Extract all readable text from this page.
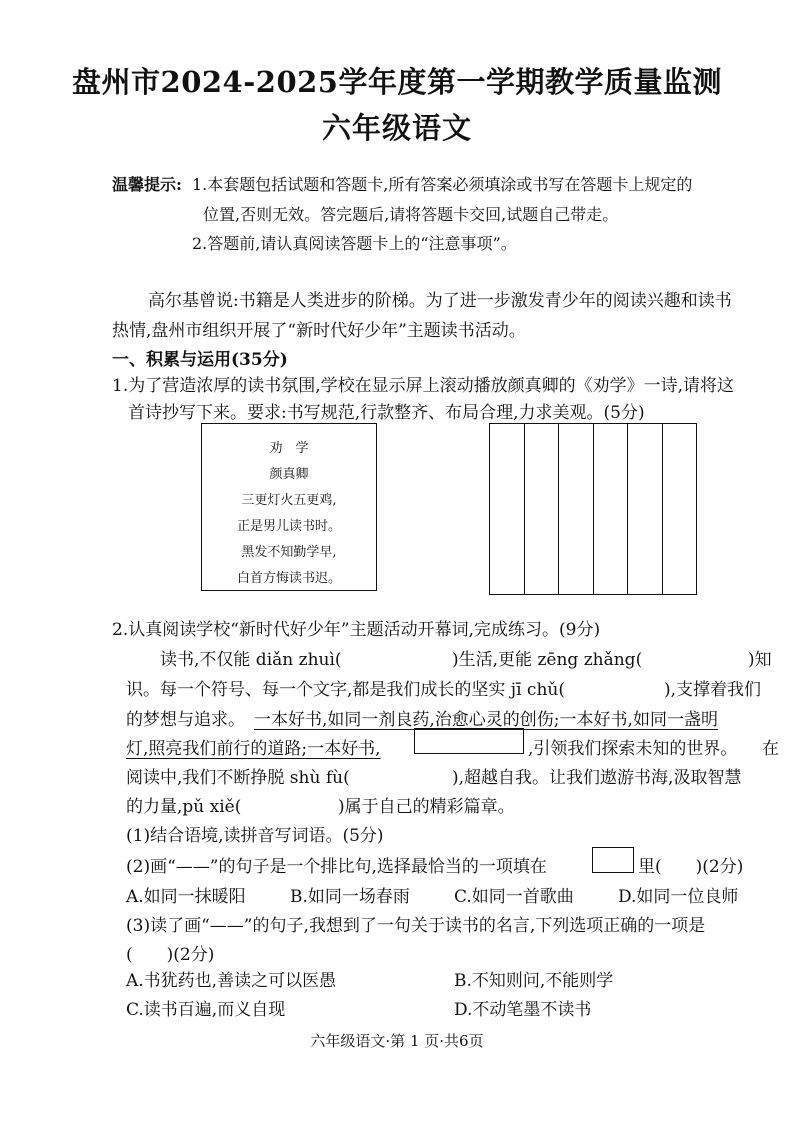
盘州市2024-2025学年度第一学期教学质量监测
六年级语文
温馨提示: 1.本套题包括试题和答题卡,所有答案必须填涂或书写在答题卡上规定的
位置,否则无效。答完题后,请将答题卡交回,试题自己带走。
2.答题前,请认真阅读答题卡上的“注意事项”。
高尔基曾说:书籍是人类进步的阶梯。为了进一步激发青少年的阅读兴趣和读书
热情,盘州市组织开展了“新时代好少年”主题读书活动。
一、积累与运用(35分)
1.为了营造浓厚的读书氛围,学校在显示屏上滚动播放颜真卿的《劝学》一诗,请将这
首诗抄写下来。要求:书写规范,行款整齐、布局合理,力求美观。(5分)
劝　学
颜真卿
三更灯火五更鸡,
正是男儿读书时。
黑发不知勤学早,
白首方悔读书迟。
2.认真阅读学校“新时代好少年”主题活动开幕词,完成练习。(9分)
读书,不仅能 diǎn zhuì(	)生活,更能 zēng zhǎng(	)知
识。每一个符号、每一个文字,都是我们成长的坚实 jī chǔ(	),支撑着我们
的梦想与追求。 一本好书,如同一剂良药,治愈心灵的创伤;一本好书,如同一盏明
灯,照亮我们前行的道路;一本好书,	,引领我们探索未知的世界。 在
阅读中,我们不断挣脱 shù fù(	),超越自我。让我们遨游书海,汲取智慧
的力量,pǔ xiě(	)属于自己的精彩篇章。
(1)结合语境,读拼音写词语。(5分)
(2)画“——”的句子是一个排比句,选择最恰当的一项填在	里(　　)(2分)
A.如同一抹暖阳	B.如同一场春雨	C.如同一首歌曲	D.如同一位良师
(3)读了画“——”的句子,我想到了一句关于读书的名言,下列选项正确的一项是
(　　)(2分)
A.书犹药也,善读之可以医愚	B.不知则问,不能则学
C.读书百遍,而义自现	D.不动笔墨不读书
六年级语文·第 1 页·共6页
